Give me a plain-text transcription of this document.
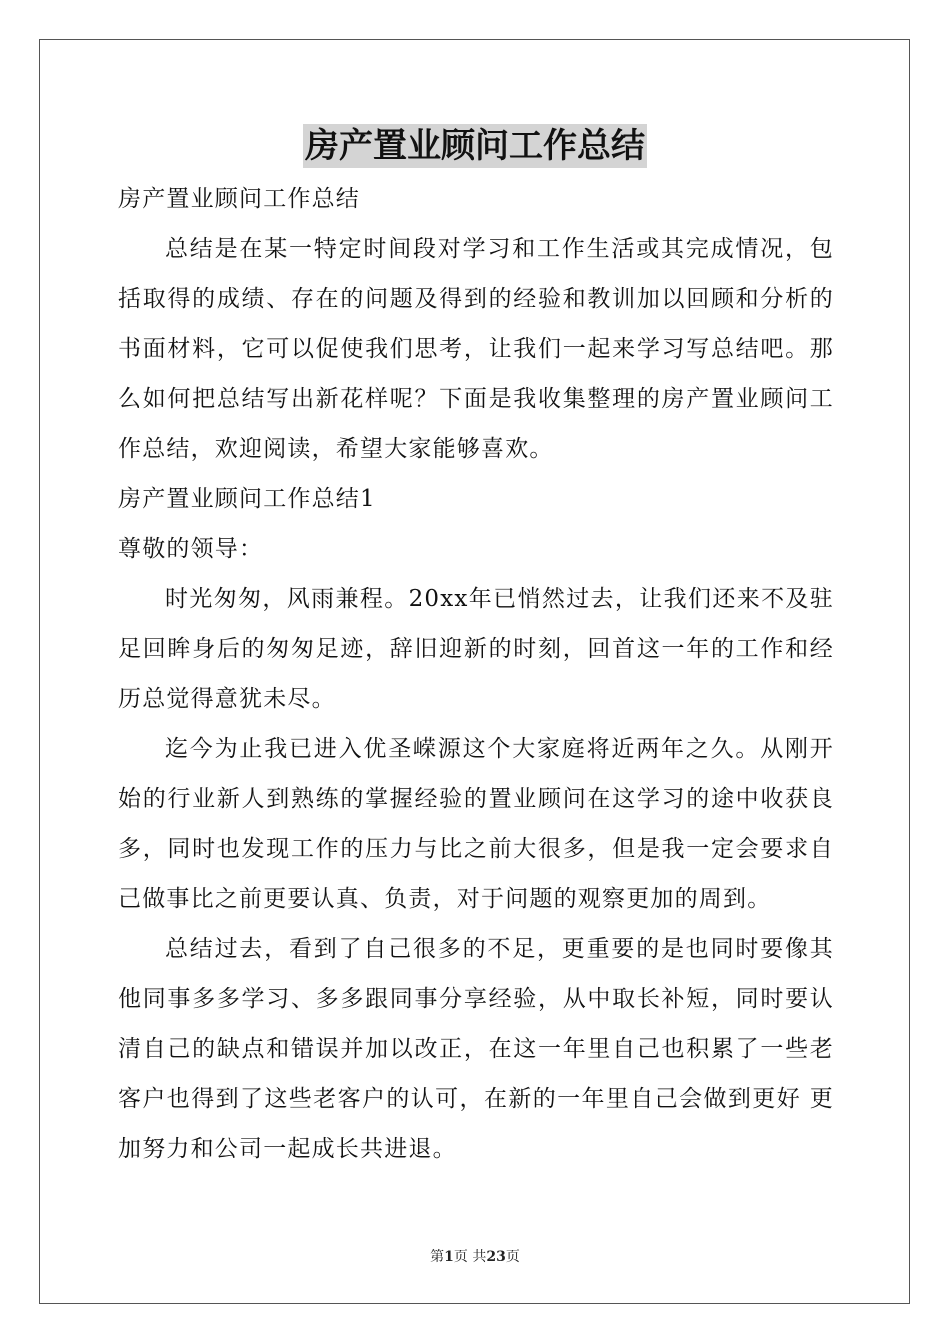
房产置业顾问工作总结
房产置业顾问工作总结

总结是在某一特定时间段对学习和工作生活或其完成情况，包括取得的成绩、存在的问题及得到的经验和教训加以回顾和分析的书面材料，它可以促使我们思考，让我们一起来学习写总结吧。那么如何把总结写出新花样呢？下面是我收集整理的房产置业顾问工作总结，欢迎阅读，希望大家能够喜欢。

房产置业顾问工作总结1
尊敬的领导：

时光匆匆，风雨兼程。20xx年已悄然过去，让我们还来不及驻足回眸身后的匆匆足迹，辞旧迎新的时刻，回首这一年的工作和经历总觉得意犹未尽。

迄今为止我已进入优圣嵘源这个大家庭将近两年之久。从刚开始的行业新人到熟练的掌握经验的置业顾问在这学习的途中收获良多，同时也发现工作的压力与比之前大很多，但是我一定会要求自己做事比之前更要认真、负责，对于问题的观察更加的周到。

总结过去，看到了自己很多的不足，更重要的是也同时要像其他同事多多学习、多多跟同事分享经验，从中取长补短，同时要认清自己的缺点和错误并加以改正，在这一年里自己也积累了一些老客户也得到了这些老客户的认可，在新的一年里自己会做到更好 更加努力和公司一起成长共进退。

第1页 共23页
